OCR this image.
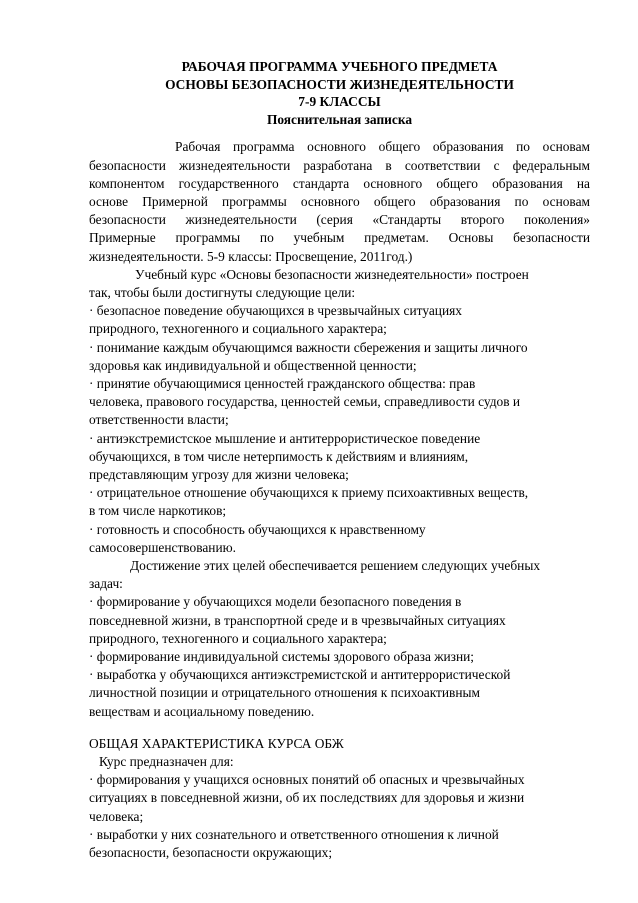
РАБОЧАЯ ПРОГРАММА УЧЕБНОГО ПРЕДМЕТА
ОСНОВЫ БЕЗОПАСНОСТИ ЖИЗНЕДЕЯТЕЛЬНОСТИ
7-9 КЛАССЫ
Пояснительная записка
Рабочая программа основного общего образования по основам
безопасности жизнедеятельности разработана в соответствии с федеральным
компонентом государственного стандарта основного общего образования на
основе Примерной программы основного общего образования по основам
безопасности жизнедеятельности (серия «Стандарты второго поколения»
Примерные программы по учебным предметам. Основы безопасности
жизнедеятельности. 5-9 классы: Просвещение, 2011год.)
Учебный курс «Основы безопасности жизнедеятельности» построен
так, чтобы были достигнуты следующие цели:
· безопасное поведение обучающихся в чрезвычайных ситуациях
природного, техногенного и социального характера;
· понимание каждым обучающимся важности сбережения и защиты личного
здоровья как индивидуальной и общественной ценности;
· принятие обучающимися ценностей гражданского общества: прав
человека, правового государства, ценностей семьи, справедливости судов и
ответственности власти;
· антиэкстремистское мышление и антитеррористическое поведение
обучающихся, в том числе нетерпимость к действиям и влияниям,
представляющим угрозу для жизни человека;
· отрицательное отношение обучающихся к приему психоактивных веществ,
в том числе наркотиков;
· готовность и способность обучающихся к нравственному
самосовершенствованию.
Достижение этих целей обеспечивается решением следующих учебных
задач:
· формирование у обучающихся модели безопасного поведения в
повседневной жизни, в транспортной среде и в чрезвычайных ситуациях
природного, техногенного и социального характера;
· формирование индивидуальной системы здорового образа жизни;
· выработка у обучающихся антиэкстремистской и антитеррористической
личностной позиции и отрицательного отношения к психоактивным
веществам и асоциальному поведению.
ОБЩАЯ ХАРАКТЕРИСТИКА КУРСА ОБЖ
Курс предназначен для:
· формирования у учащихся основных понятий об опасных и чрезвычайных
ситуациях в повседневной жизни, об их последствиях для здоровья и жизни
человека;
· выработки у них сознательного и ответственного отношения к личной
безопасности, безопасности окружающих;
